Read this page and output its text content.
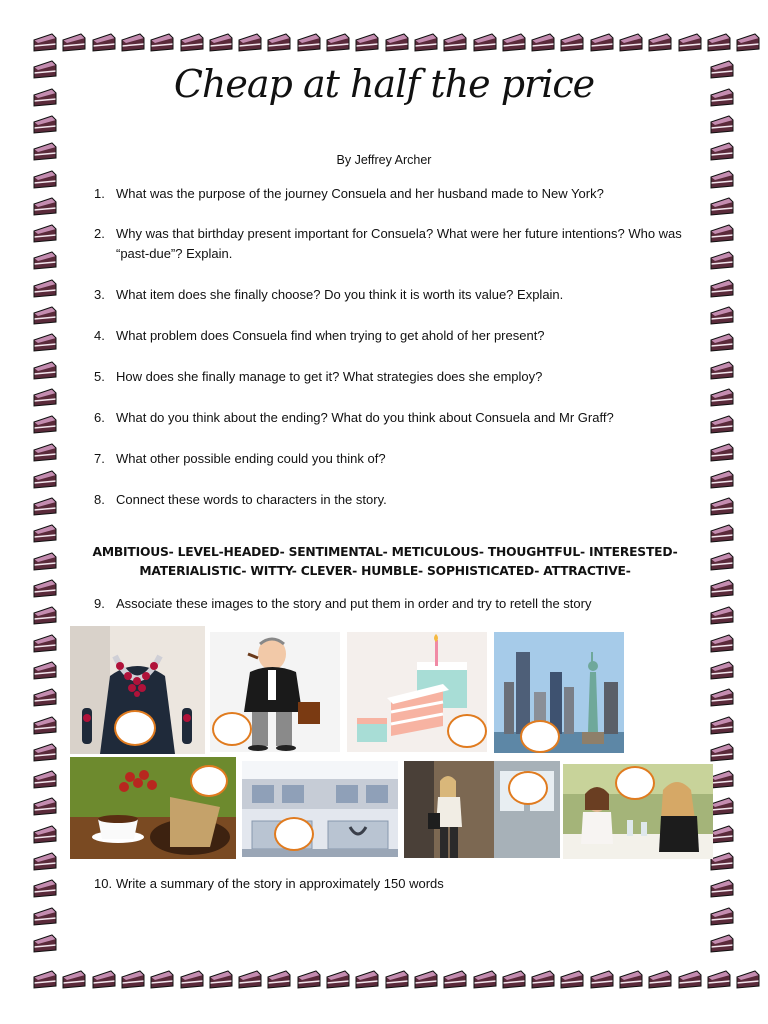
Cheap at half the price
By Jeffrey Archer
1. What was the purpose of the journey Consuela and her husband made to New York?
2. Why was that birthday present important for Consuela? What were her future intentions? Who was “past-due”? Explain.
3. What item does she finally choose? Do you think it is worth its value? Explain.
4. What problem does Consuela find when trying to get ahold of her present?
5. How does she finally manage to get it? What strategies does she employ?
6. What do you think about the ending? What do you think about Consuela and Mr Graff?
7. What other possible ending could you think of?
8. Connect these words to characters in the story.
AMBITIOUS- LEVEL-HEADED- SENTIMENTAL- METICULOUS- THOUGHTFUL- INTERESTED-
MATERIALISTIC- WITTY- CLEVER- HUMBLE- SOPHISTICATED- ATTRACTIVE-
9. Associate these images to the story and put them in order and try to retell the story
10. Write a summary of the story in approximately 150 words
